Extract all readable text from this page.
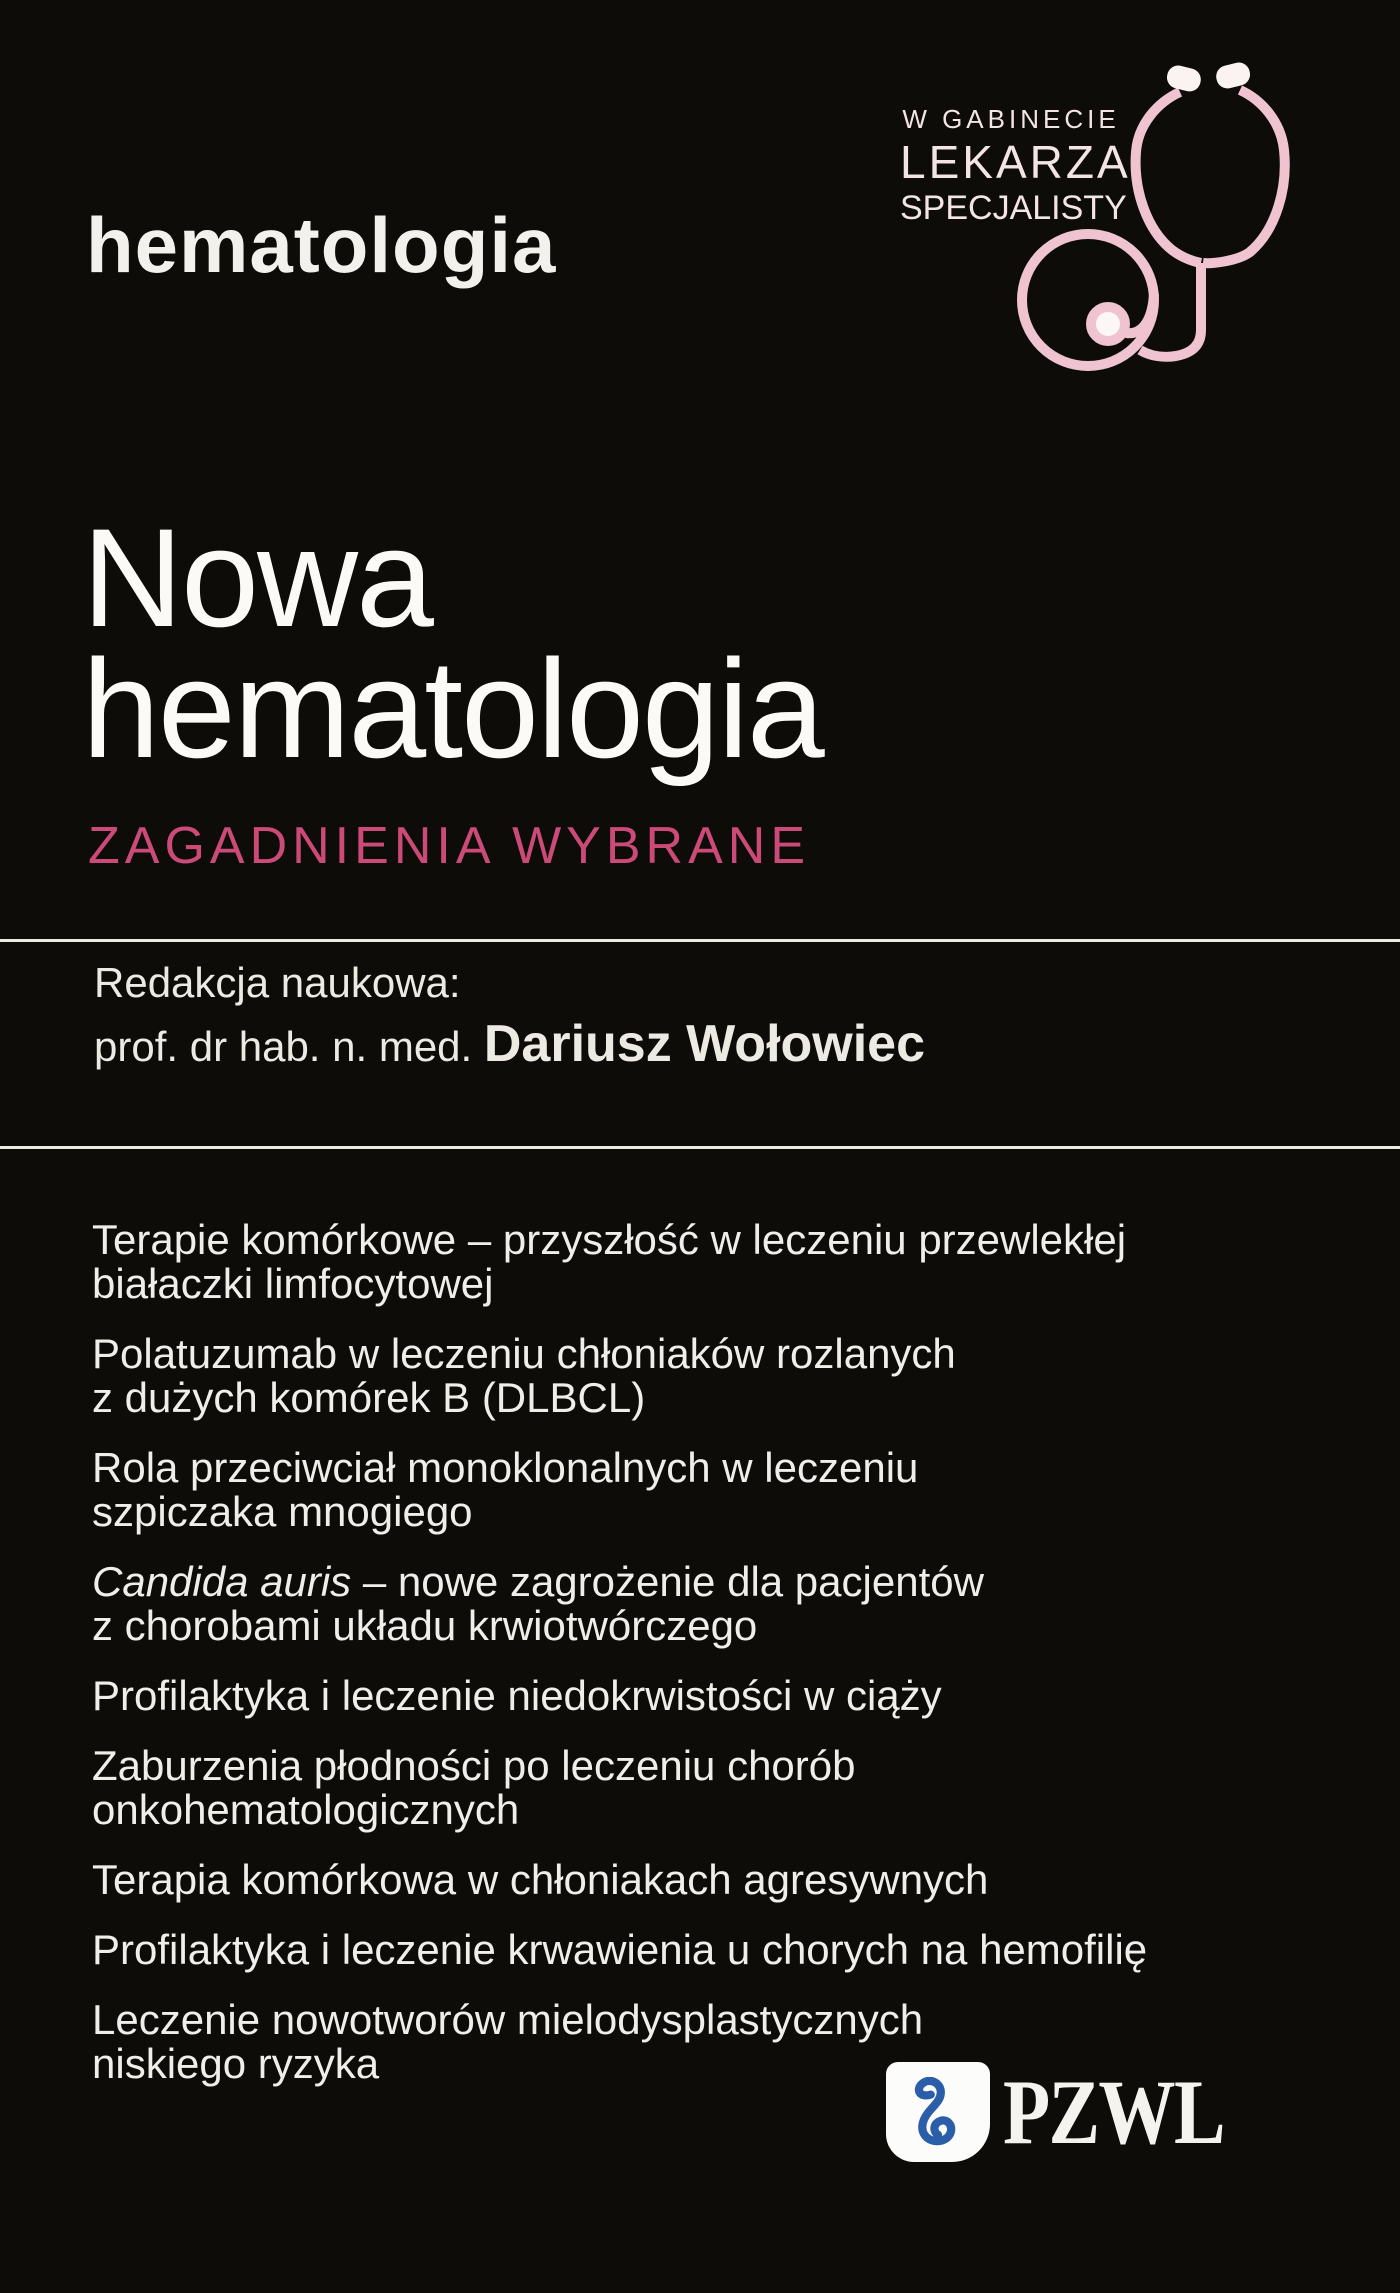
hematologia
W GABINECIE
LEKARZA
SPECJALISTY
Nowa
hematologia
ZAGADNIENIA WYBRANE
Redakcja naukowa:
prof. dr hab. n. med. Dariusz Wołowiec
Terapie komórkowe – przyszłość w leczeniu przewlekłej
białaczki limfocytowej
Polatuzumab w leczeniu chłoniaków rozlanych
z dużych komórek B (DLBCL)
Rola przeciwciał monoklonalnych w leczeniu
szpiczaka mnogiego
Candida auris – nowe zagrożenie dla pacjentów
z chorobami układu krwiotwórczego
Profilaktyka i leczenie niedokrwistości w ciąży
Zaburzenia płodności po leczeniu chorób
onkohematologicznych
Terapia komórkowa w chłoniakach agresywnych
Profilaktyka i leczenie krwawienia u chorych na hemofilię
Leczenie nowotworów mielodysplastycznych
niskiego ryzyka	PZWL
